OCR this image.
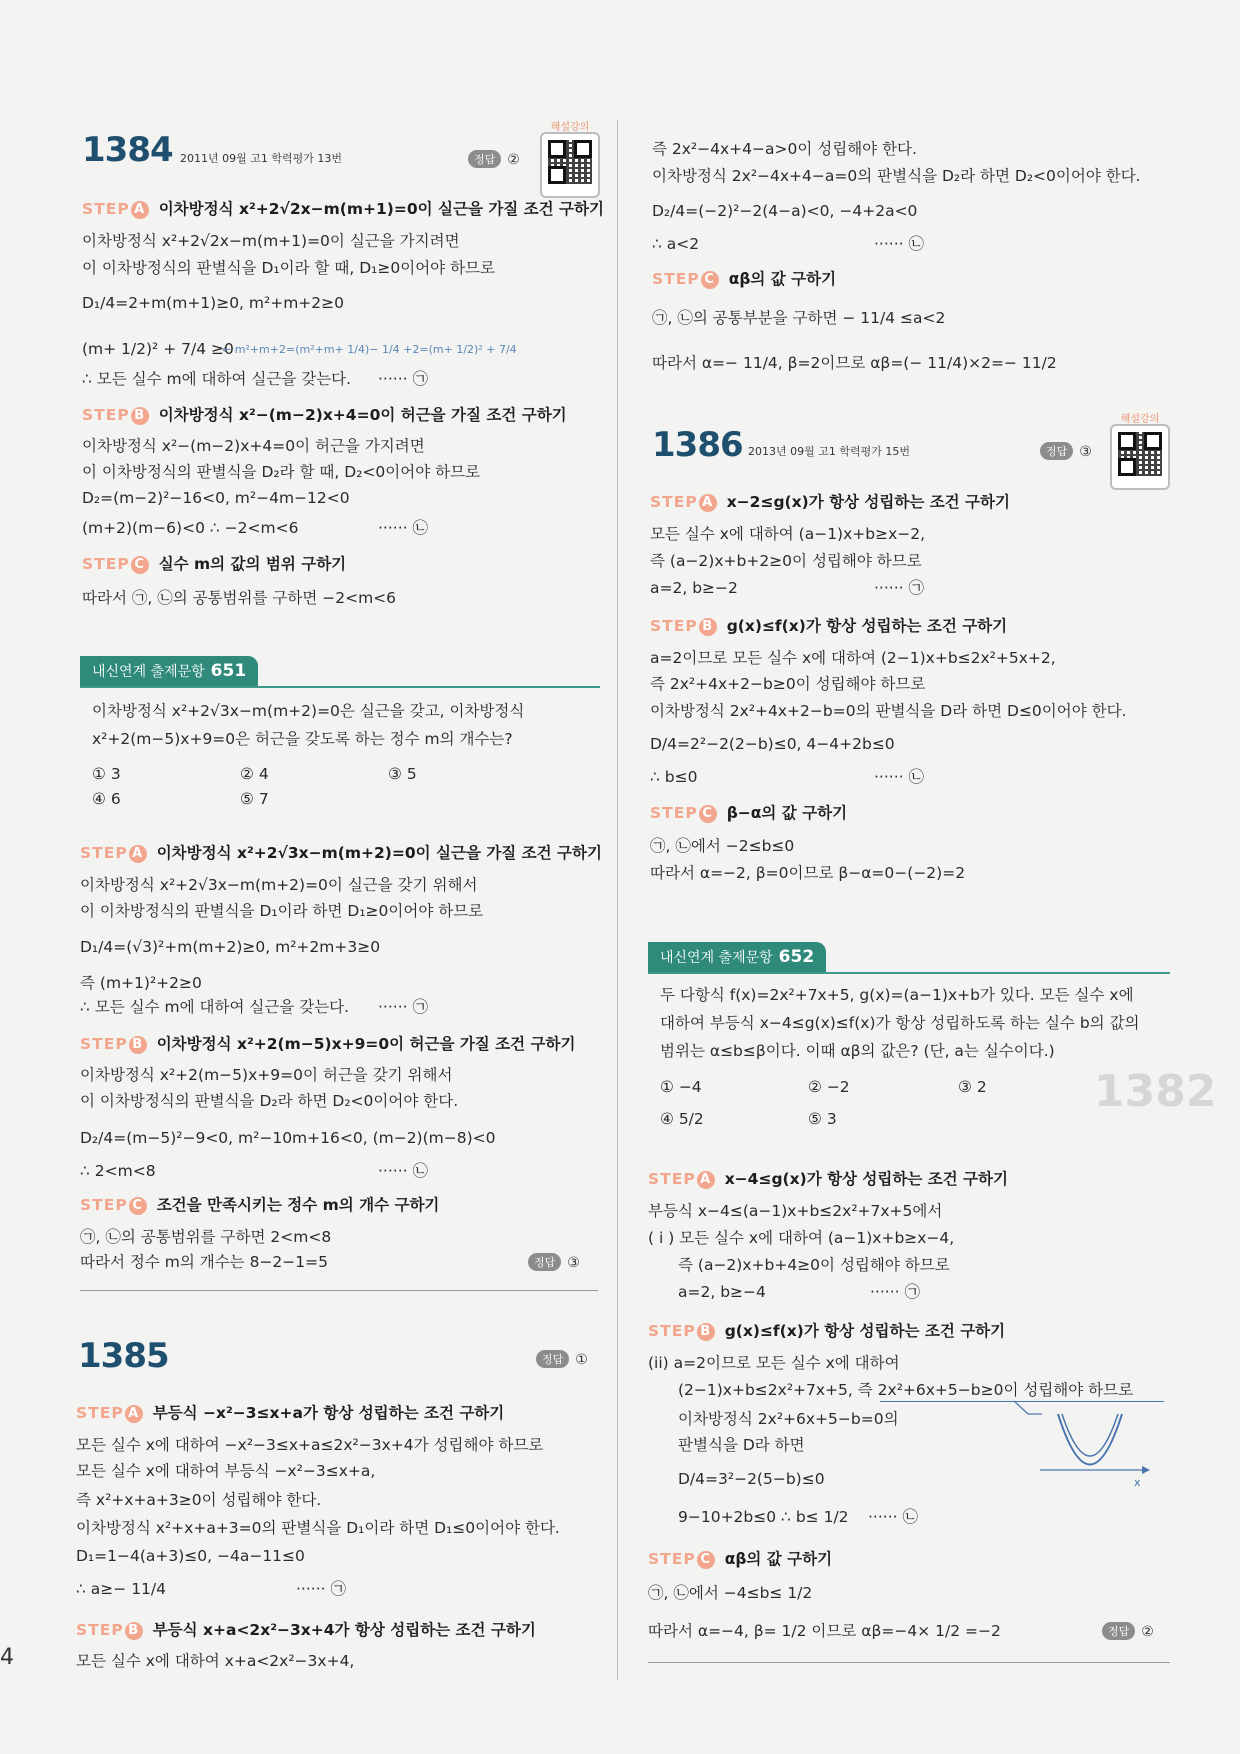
1384 2011년 09월 고1 학력평가 13번	정답 ②
해설강의
STEP A 이차방정식 x²+2√2x−m(m+1)=0이 실근을 가질 조건 구하기
이차방정식 x²+2√2x−m(m+1)=0이 실근을 가지려면
이 이차방정식의 판별식을 D₁이라 할 때, D₁≥0이어야 하므로
D₁/4=2+m(m+1)≥0, m²+m+2≥0
(m+ 1/2)² + 7/4 ≥0
← m²+m+2=(m²+m+ 1/4)− 1/4 +2=(m+ 1/2)² + 7/4
∴ 모든 실수 m에 대하여 실근을 갖는다. ······ ㉠
STEP B 이차방정식 x²−(m−2)x+4=0이 허근을 가질 조건 구하기
이차방정식 x²−(m−2)x+4=0이 허근을 가지려면
이 이차방정식의 판별식을 D₂라 할 때, D₂<0이어야 하므로
D₂=(m−2)²−16<0, m²−4m−12<0
(m+2)(m−6)<0 ∴ −2<m<6	······ ㉡
STEP C 실수 m의 값의 범위 구하기
따라서 ㉠, ㉡의 공통범위를 구하면 −2<m<6
내신연계 출제문항 651
이차방정식 x²+2√3x−m(m+2)=0은 실근을 갖고, 이차방정식
x²+2(m−5)x+9=0은 허근을 갖도록 하는 정수 m의 개수는?
① 3	② 4	③ 5
④ 6	⑤ 7
STEP A 이차방정식 x²+2√3x−m(m+2)=0이 실근을 가질 조건 구하기
이차방정식 x²+2√3x−m(m+2)=0이 실근을 갖기 위해서
이 이차방정식의 판별식을 D₁이라 하면 D₁≥0이어야 하므로
D₁/4=(√3)²+m(m+2)≥0, m²+2m+3≥0
즉 (m+1)²+2≥0
∴ 모든 실수 m에 대하여 실근을 갖는다. ······ ㉠
STEP B 이차방정식 x²+2(m−5)x+9=0이 허근을 가질 조건 구하기
이차방정식 x²+2(m−5)x+9=0이 허근을 갖기 위해서
이 이차방정식의 판별식을 D₂라 하면 D₂<0이어야 한다.
D₂/4=(m−5)²−9<0, m²−10m+16<0, (m−2)(m−8)<0
∴ 2<m<8	······ ㉡
STEP C 조건을 만족시키는 정수 m의 개수 구하기
㉠, ㉡의 공통범위를 구하면 2<m<8
따라서 정수 m의 개수는 8−2−1=5	정답 ③
1385	정답 ①
STEP A 부등식 −x²−3≤x+a가 항상 성립하는 조건 구하기
모든 실수 x에 대하여 −x²−3≤x+a≤2x²−3x+4가 성립해야 하므로
모든 실수 x에 대하여 부등식 −x²−3≤x+a,
즉 x²+x+a+3≥0이 성립해야 한다.
이차방정식 x²+x+a+3=0의 판별식을 D₁이라 하면 D₁≤0이어야 한다.
D₁=1−4(a+3)≤0, −4a−11≤0
∴ a≥− 11/4	······ ㉠
STEP B 부등식 x+a<2x²−3x+4가 항상 성립하는 조건 구하기
모든 실수 x에 대하여 x+a<2x²−3x+4,
4
즉 2x²−4x+4−a>0이 성립해야 한다.
이차방정식 2x²−4x+4−a=0의 판별식을 D₂라 하면 D₂<0이어야 한다.
D₂/4=(−2)²−2(4−a)<0, −4+2a<0
∴ a<2	······ ㉡
STEP C αβ의 값 구하기
㉠, ㉡의 공통부분을 구하면 − 11/4 ≤a<2
따라서 α=− 11/4, β=2이므로 αβ=(− 11/4)×2=− 11/2
1386 2013년 09월 고1 학력평가 15번	정답 ③
해설강의
STEP A x−2≤g(x)가 항상 성립하는 조건 구하기
모든 실수 x에 대하여 (a−1)x+b≥x−2,
즉 (a−2)x+b+2≥0이 성립해야 하므로
a=2, b≥−2	······ ㉠
STEP B g(x)≤f(x)가 항상 성립하는 조건 구하기
a=2이므로 모든 실수 x에 대하여 (2−1)x+b≤2x²+5x+2,
즉 2x²+4x+2−b≥0이 성립해야 하므로
이차방정식 2x²+4x+2−b=0의 판별식을 D라 하면 D≤0이어야 한다.
D/4=2²−2(2−b)≤0, 4−4+2b≤0
∴ b≤0	······ ㉡
STEP C β−α의 값 구하기
㉠, ㉡에서 −2≤b≤0
따라서 α=−2, β=0이므로 β−α=0−(−2)=2
내신연계 출제문항 652
1382
두 다항식 f(x)=2x²+7x+5, g(x)=(a−1)x+b가 있다. 모든 실수 x에
대하여 부등식 x−4≤g(x)≤f(x)가 항상 성립하도록 하는 실수 b의 값의
범위는 α≤b≤β이다. 이때 αβ의 값은? (단, a는 실수이다.)
① −4	② −2	③ 2
④ 5/2	⑤ 3
STEP A x−4≤g(x)가 항상 성립하는 조건 구하기
부등식 x−4≤(a−1)x+b≤2x²+7x+5에서
( i ) 모든 실수 x에 대하여 (a−1)x+b≥x−4,
즉 (a−2)x+b+4≥0이 성립해야 하므로
a=2, b≥−4	······ ㉠
STEP B g(x)≤f(x)가 항상 성립하는 조건 구하기
(ii) a=2이므로 모든 실수 x에 대하여
(2−1)x+b≤2x²+7x+5, 즉 2x²+6x+5−b≥0이 성립해야 하므로
이차방정식 2x²+6x+5−b=0의
판별식을 D라 하면
D/4=3²−2(5−b)≤0
9−10+2b≤0 ∴ b≤ 1/2 ······ ㉡
x
STEP C αβ의 값 구하기
㉠, ㉡에서 −4≤b≤ 1/2
따라서 α=−4, β= 1/2 이므로 αβ=−4× 1/2 =−2	정답 ②
